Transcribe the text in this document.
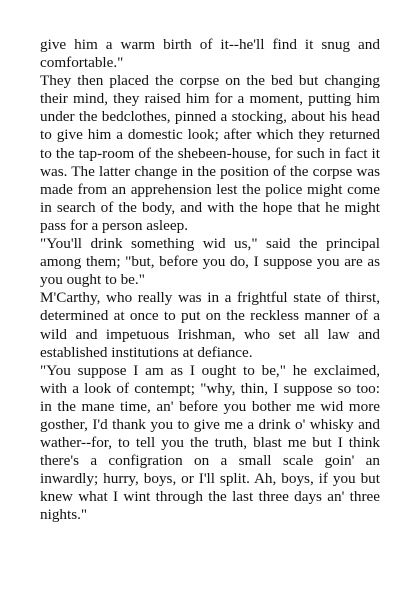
give him a warm birth of it--he'll find it snug and comfortable."

They then placed the corpse on the bed but changing their mind, they raised him for a moment, putting him under the bedclothes, pinned a stocking, about his head to give him a domestic look; after which they returned to the tap-room of the shebeen-house, for such in fact it was. The latter change in the position of the corpse was made from an apprehension lest the police might come in search of the body, and with the hope that he might pass for a person asleep.

"You'll drink something wid us," said the principal among them; "but, before you do, I suppose you are as you ought to be."

M'Carthy, who really was in a frightful state of thirst, determined at once to put on the reckless manner of a wild and impetuous Irishman, who set all law and established institutions at defiance.

"You suppose I am as I ought to be," he exclaimed, with a look of contempt; "why, thin, I suppose so too: in the mane time, an' before you bother me wid more gosther, I'd thank you to give me a drink o' whisky and wather--for, to tell you the truth, blast me but I think there's a configration on a small scale goin' an inwardly; hurry, boys, or I'll split. Ah, boys, if you but knew what I wint through the last three days an' three nights."
